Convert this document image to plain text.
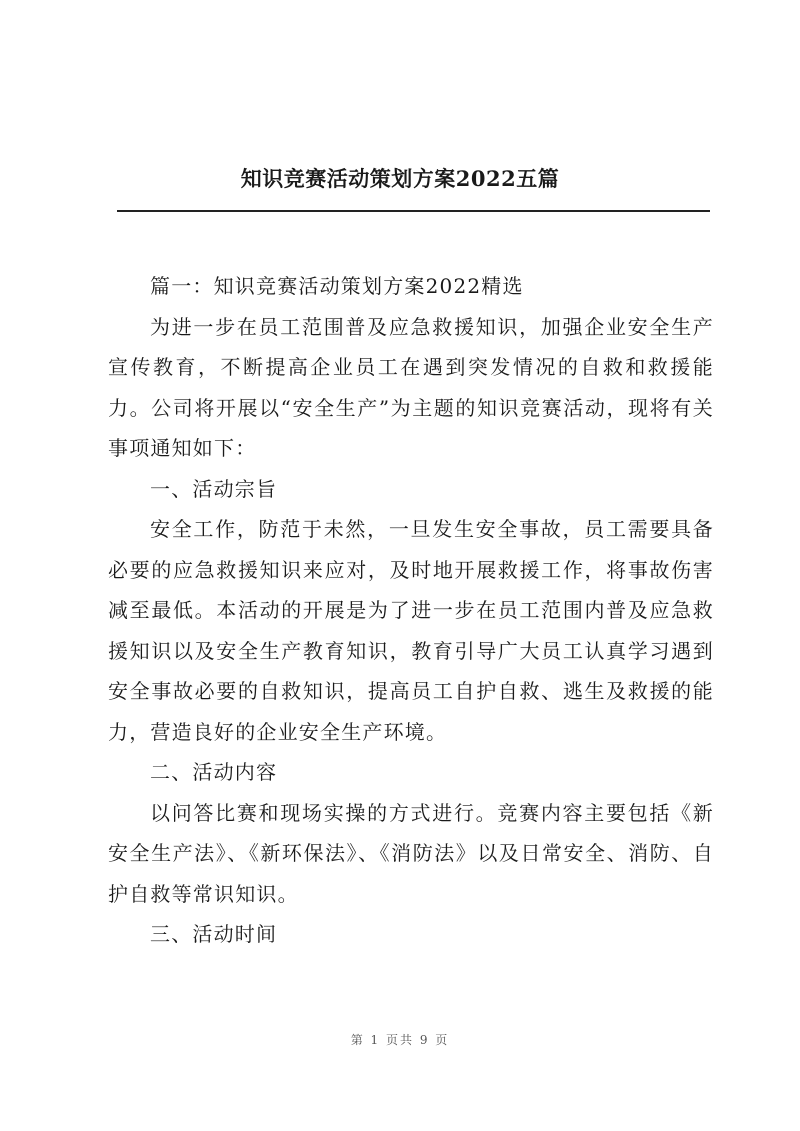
知识竞赛活动策划方案2022五篇

篇一：知识竞赛活动策划方案2022精选

为进一步在员工范围普及应急救援知识，加强企业安全生产宣传教育，不断提高企业员工在遇到突发情况的自救和救援能力。公司将开展以“安全生产”为主题的知识竞赛活动，现将有关事项通知如下：

一、活动宗旨

安全工作，防范于未然，一旦发生安全事故，员工需要具备必要的应急救援知识来应对，及时地开展救援工作，将事故伤害减至最低。本活动的开展是为了进一步在员工范围内普及应急救援知识以及安全生产教育知识，教育引导广大员工认真学习遇到安全事故必要的自救知识，提高员工自护自救、逃生及救援的能力，营造良好的企业安全生产环境。

二、活动内容

以问答比赛和现场实操的方式进行。竞赛内容主要包括《新安全生产法》、《新环保法》、《消防法》以及日常安全、消防、自护自救等常识知识。

三、活动时间

第 1 页共 9 页
